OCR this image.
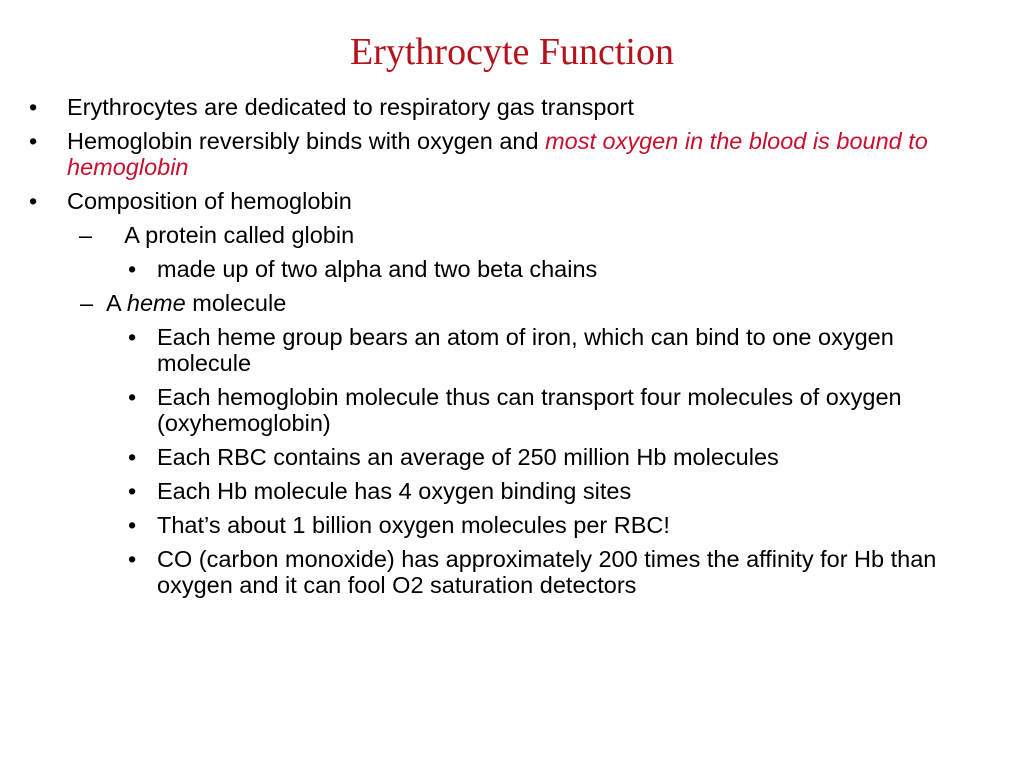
Erythrocyte Function
• Erythrocytes are dedicated to respiratory gas transport
• Hemoglobin reversibly binds with oxygen and most oxygen in the blood is bound to hemoglobin
• Composition of hemoglobin
– A protein called globin
• made up of two alpha and two beta chains
– A heme molecule
• Each heme group bears an atom of iron, which can bind to one oxygen molecule
• Each hemoglobin molecule thus can transport four molecules of oxygen (oxyhemoglobin)
• Each RBC contains an average of 250 million Hb molecules
• Each Hb molecule has 4 oxygen binding sites
• That’s about 1 billion oxygen molecules per RBC!
• CO (carbon monoxide) has approximately 200 times the affinity for Hb than oxygen and it can fool O2 saturation detectors
